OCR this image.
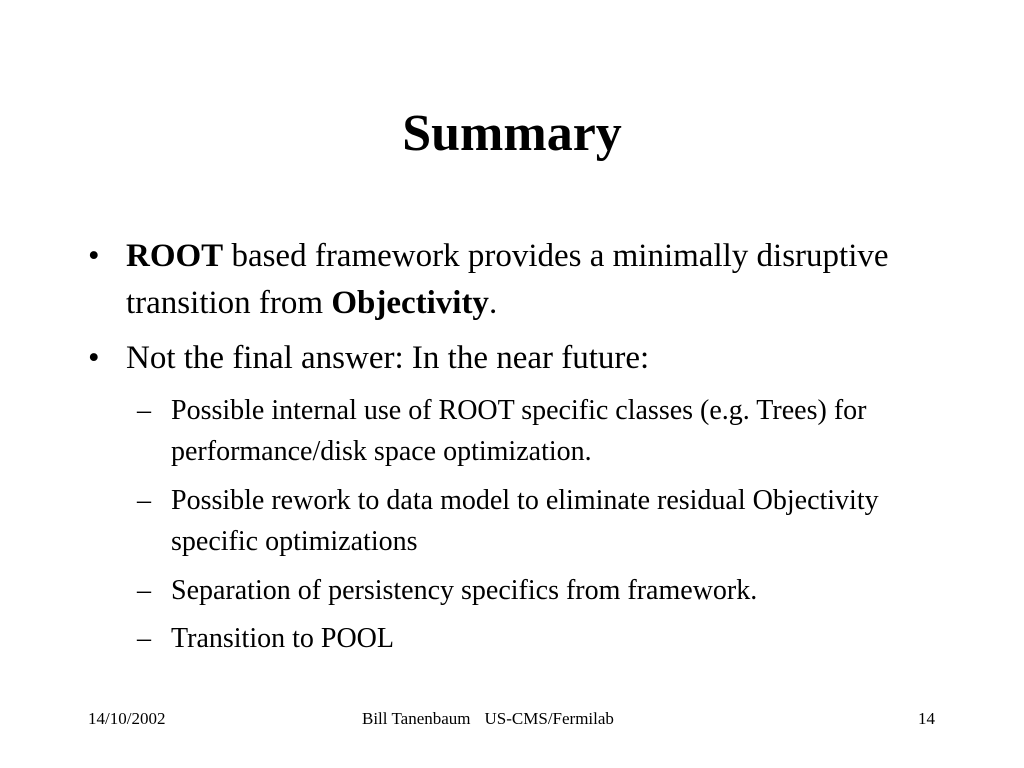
Summary
• ROOT based framework provides a minimally disruptive transition from Objectivity.
• Not the final answer: In the near future:
– Possible internal use of ROOT specific classes (e.g. Trees) for performance/disk space optimization.
– Possible rework to data model to eliminate residual Objectivity specific optimizations
– Separation of persistency specifics from framework.
– Transition to POOL
14/10/2002	Bill Tanenbaum US-CMS/Fermilab	14
